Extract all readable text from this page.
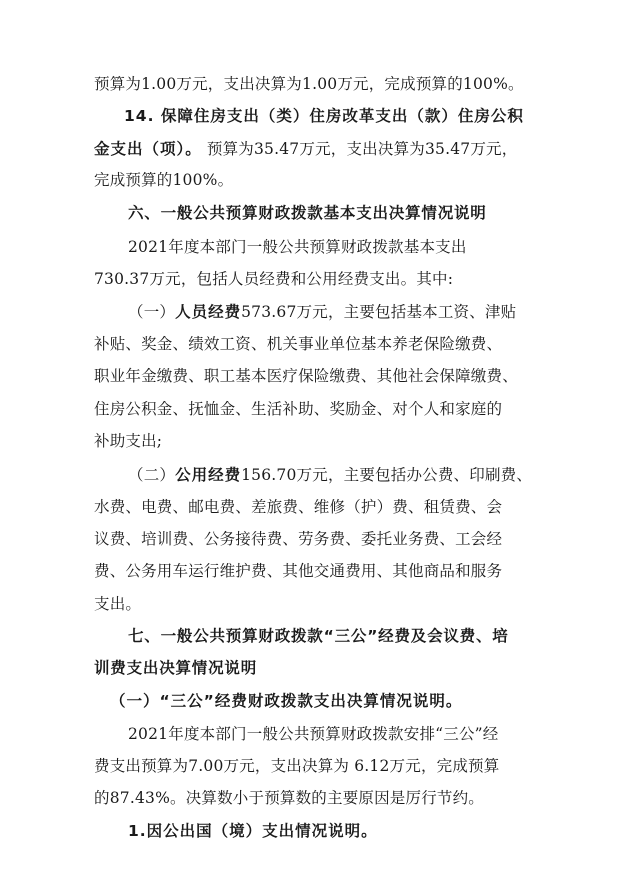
预算为1.00万元，支出决算为1.00万元，完成预算的100%。
14. 保障住房支出（类）住房改革支出（款）住房公积
金支出（项）。 预算为35.47万元，支出决算为35.47万元，
完成预算的100%。
六、一般公共预算财政拨款基本支出决算情况说明
2021年度本部门一般公共预算财政拨款基本支出
730.37万元，包括人员经费和公用经费支出。其中:
（一）人员经费573.67万元，主要包括基本工资、津贴
补贴、奖金、绩效工资、机关事业单位基本养老保险缴费、
职业年金缴费、职工基本医疗保险缴费、其他社会保障缴费、
住房公积金、抚恤金、生活补助、奖励金、对个人和家庭的
补助支出;
（二）公用经费156.70万元，主要包括办公费、印刷费、
水费、电费、邮电费、差旅费、维修（护）费、租赁费、会
议费、培训费、公务接待费、劳务费、委托业务费、工会经
费、公务用车运行维护费、其他交通费用、其他商品和服务
支出。
七、一般公共预算财政拨款“三公”经费及会议费、培
训费支出决算情况说明
（一）“三公”经费财政拨款支出决算情况说明。
2021年度本部门一般公共预算财政拨款安排“三公”经
费支出预算为7.00万元，支出决算为 6.12万元，完成预算
的87.43%。决算数小于预算数的主要原因是厉行节约。
1.因公出国（境）支出情况说明。
